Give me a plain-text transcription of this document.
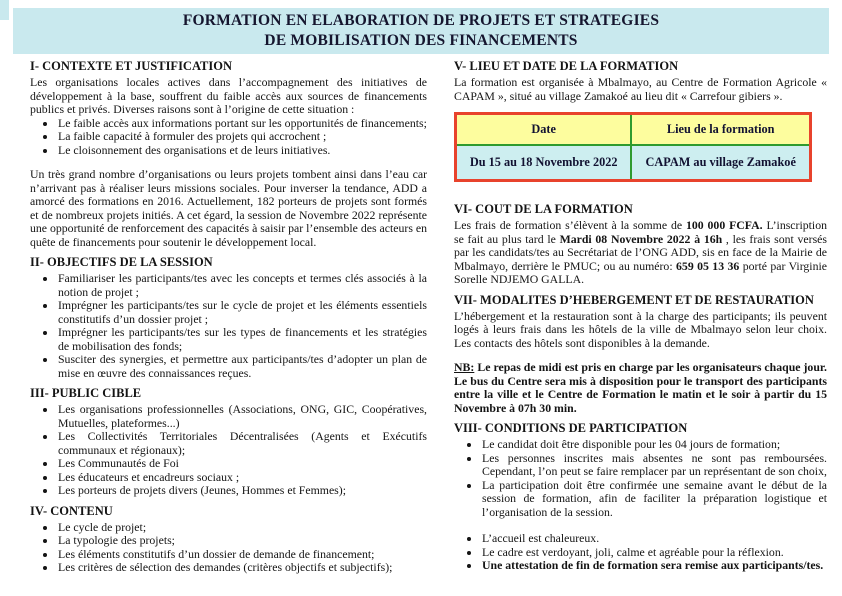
FORMATION EN ELABORATION DE PROJETS ET STRATEGIES
DE MOBILISATION DES FINANCEMENTS
I- CONTEXTE ET JUSTIFICATION

Les organisations locales actives dans l’accompagnement des initiatives de développement à la base, souffrent du faible accès aux sources de financements publics et privés. Diverses raisons sont à l’origine de cette situation :

• Le faible accès aux informations portant sur les opportunités de financements;
• La faible capacité à formuler des projets qui accrochent ;
• Le cloisonnement des organisations et de leurs initiatives.

Un très grand nombre d’organisations ou leurs projets tombent ainsi dans l’eau car n’arrivant pas à réaliser leurs missions sociales. Pour inverser la tendance, ADD a amorcé des formations en 2016. Actuellement, 182 porteurs de projets sont formés et de nombreux projets initiés. A cet égard, la session de Novembre 2022 représente une opportunité de renforcement des capacités à saisir par l’ensemble des acteurs en quête de financements pour soutenir le développement local.

II- OBJECTIFS DE LA SESSION
• Familiariser les participants/tes avec les concepts et termes clés associés à la notion de projet ;
• Imprégner les participants/tes sur le cycle de projet et les éléments essentiels constitutifs d’un dossier projet ;
• Imprégner les participants/tes sur les types de financements et les stratégies de mobilisation des fonds;
• Susciter des synergies, et permettre aux participants/tes d’adopter un plan de mise en œuvre des connaissances reçues.
III- PUBLIC CIBLE
• Les organisations professionnelles (Associations, ONG, GIC, Coopératives, Mutuelles, plateformes...)
• Les Collectivités Territoriales Décentralisées (Agents et Exécutifs communaux et régionaux);
• Les Communautés de Foi
• Les éducateurs et encadreurs sociaux ;
• Les porteurs de projets divers (Jeunes, Hommes et Femmes);
IV- CONTENU
• Le cycle de projet;
• La typologie des projets;
• Les éléments constitutifs d’un dossier de demande de financement;
• Les critères de sélection des demandes (critères objectifs et subjectifs);
V- LIEU ET DATE DE LA FORMATION

La formation est organisée à Mbalmayo, au Centre de Formation Agricole « CAPAM », situé au village Zamakoé au lieu dit « Carrefour gibiers ».

Date	Lieu de la formation
Du 15 au 18 Novembre 2022	CAPAM au village Zamakoé
VI- COUT DE LA FORMATION

Les frais de formation s’élèvent à la somme de 100 000 FCFA. L’inscription se fait au plus tard le Mardi 08 Novembre 2022 à 16h , les frais sont versés par les candidats/tes au Secrétariat de l’ONG ADD, sis en face de la Mairie de Mbalmayo, derrière le PMUC; ou au numéro: 659 05 13 36 porté par Virginie Sorelle NDJEMO GALLA.

VII- MODALITES D’HEBERGEMENT ET DE RESTAURATION

L’hébergement et la restauration sont à la charge des participants; ils peuvent logés à leurs frais dans les hôtels de la ville de Mbalmayo selon leur choix. Les contacts des hôtels sont disponibles à la demande.

NB: Le repas de midi est pris en charge par les organisateurs chaque jour. Le bus du Centre sera mis à disposition pour le transport des participants entre la ville et le Centre de Formation le matin et le soir à partir du 15 Novembre à 07h 30 min.

VIII- CONDITIONS DE PARTICIPATION
• Le candidat doit être disponible pour les 04 jours de formation;
• Les personnes inscrites mais absentes ne sont pas remboursées. Cependant, l’on peut se faire remplacer par un représentant de son choix,
• La participation doit être confirmée une semaine avant le début de la session de formation, afin de faciliter la préparation logistique et l’organisation de la session.
• L’accueil est chaleureux.
• Le cadre est verdoyant, joli, calme et agréable pour la réflexion.
• Une attestation de fin de formation sera remise aux participants/tes.
